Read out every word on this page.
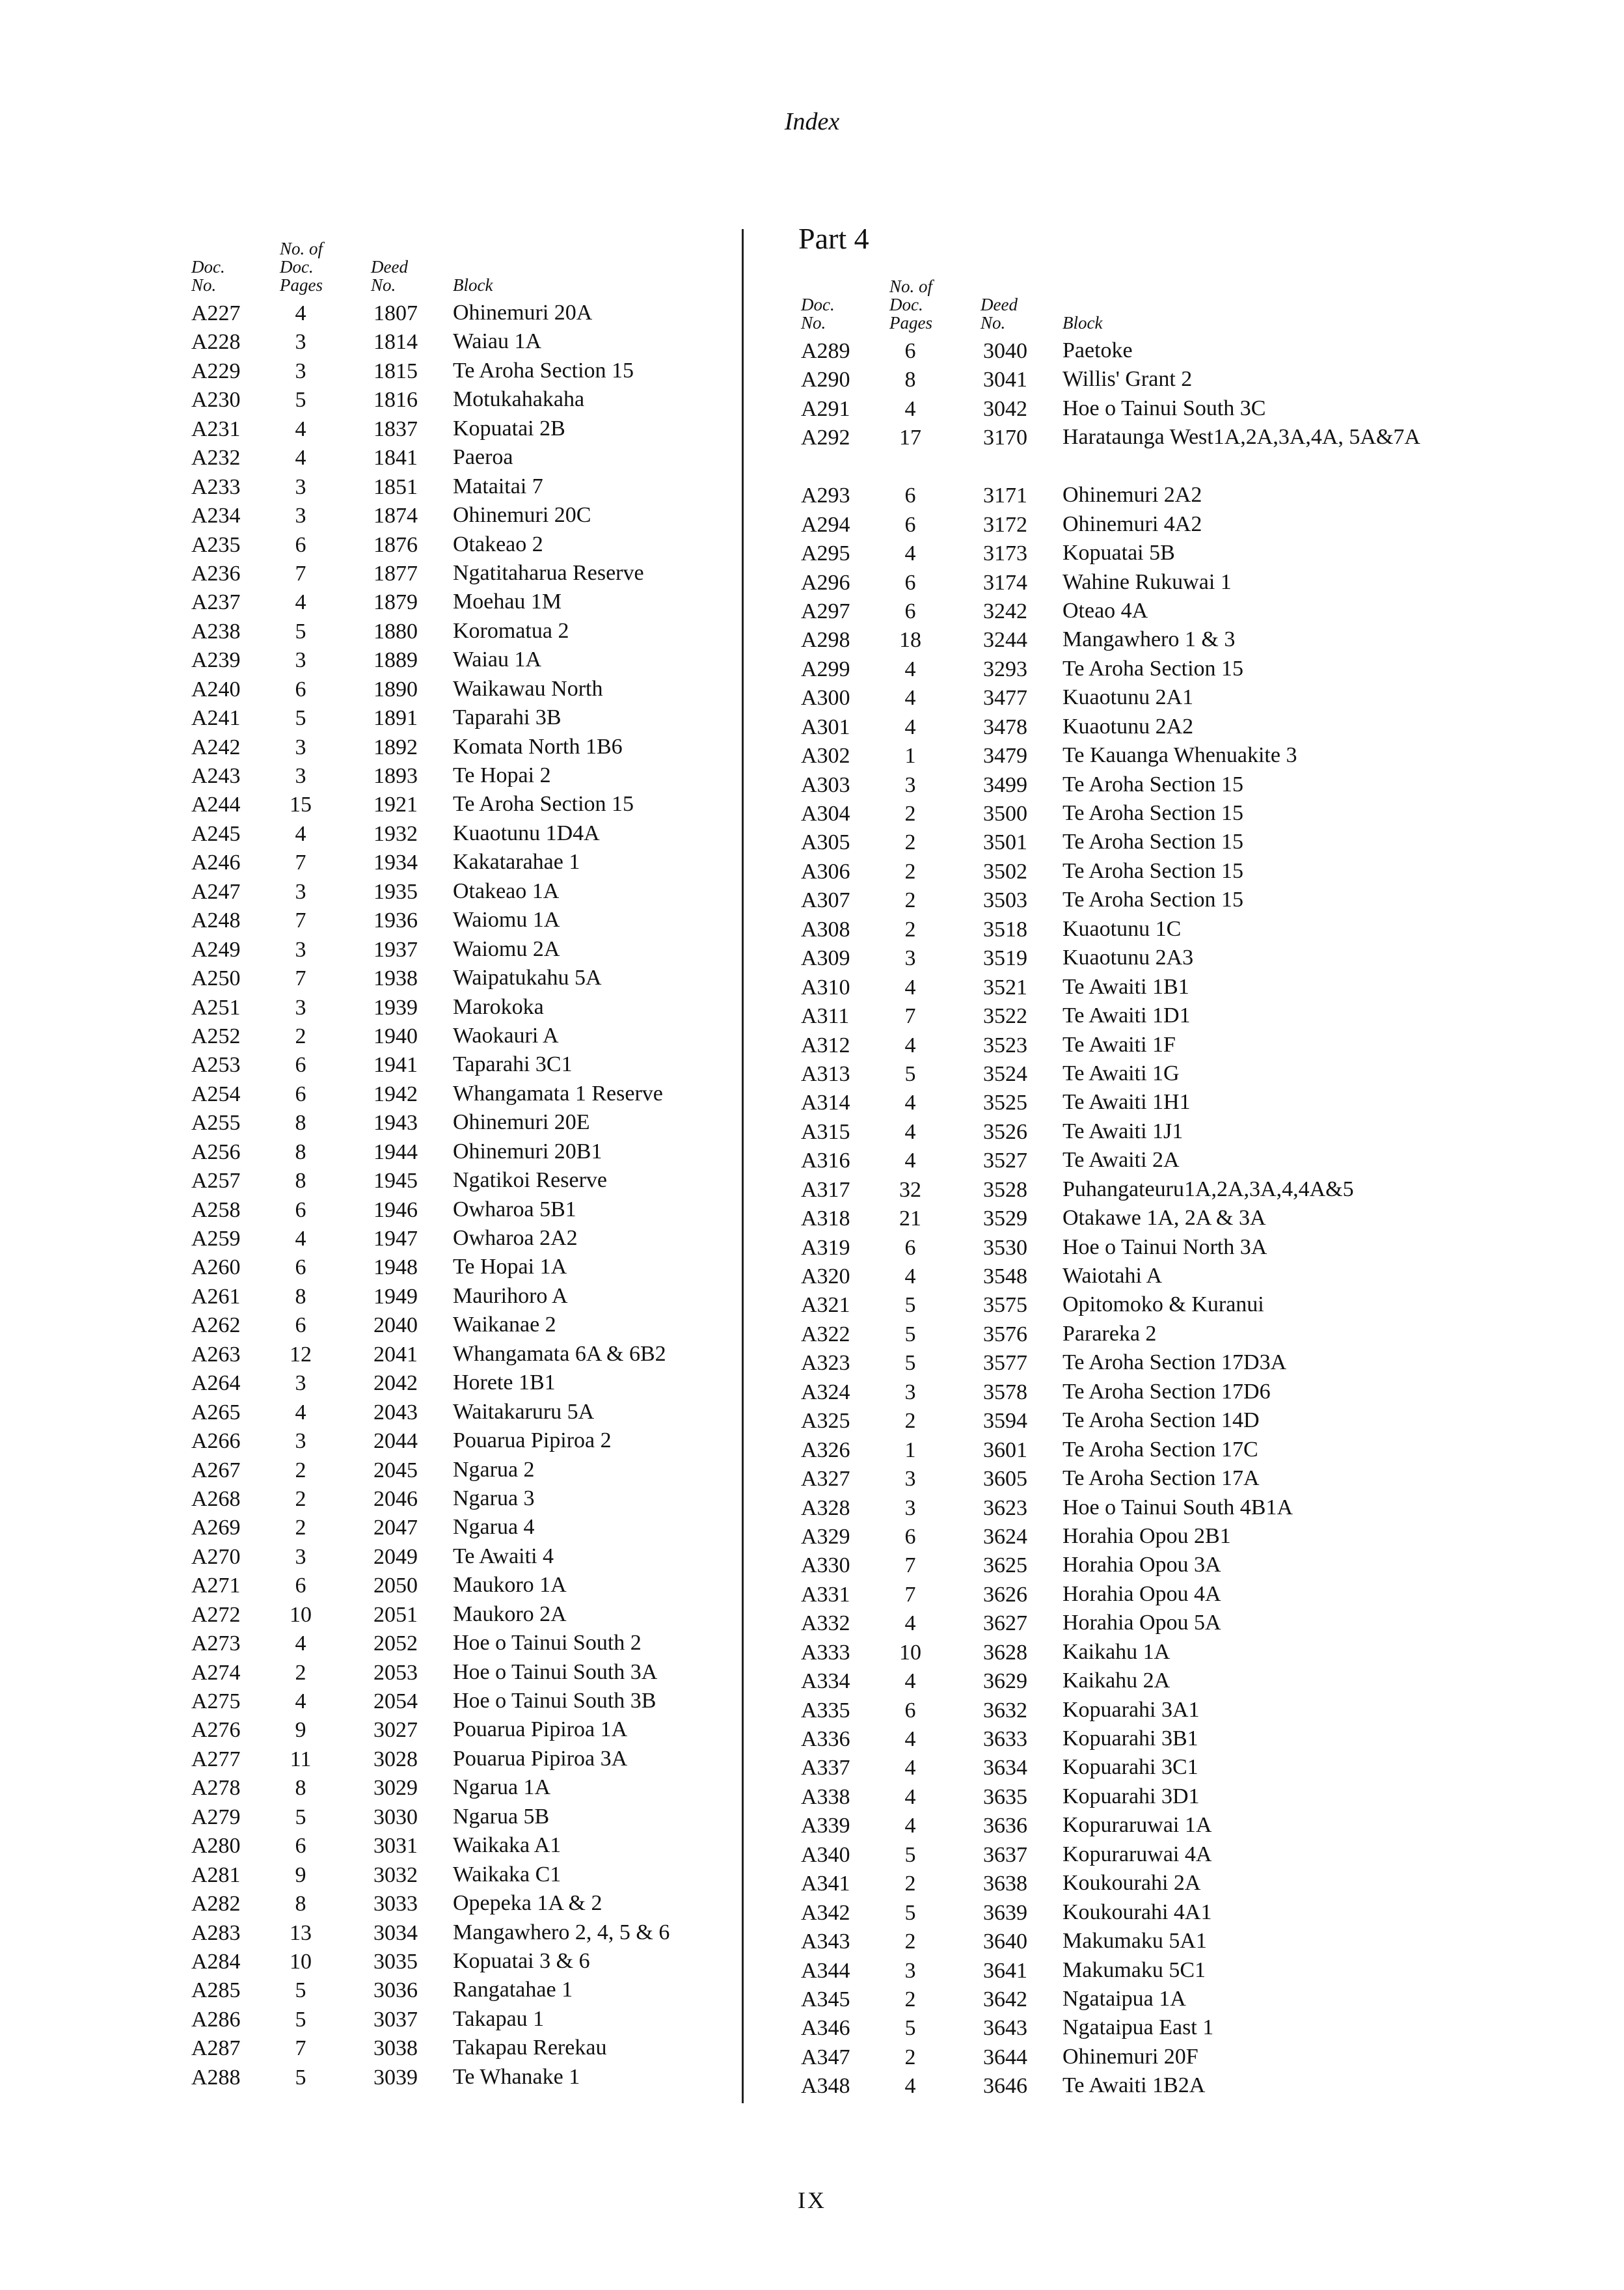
Index
Doc.
No.
No. of
Doc.
Pages
Deed
No.	Block
A227	4	1807	Ohinemuri 20A
A228	3	1814	Waiau 1A
A229	3	1815	Te Aroha Section 15
A230	5	1816	Motukahakaha
A231	4	1837	Kopuatai 2B
A232	4	1841	Paeroa
A233	3	1851	Mataitai 7
A234	3	1874	Ohinemuri 20C
A235	6	1876	Otakeao 2
A236	7	1877	Ngatitaharua Reserve
A237	4	1879	Moehau 1M
A238	5	1880	Koromatua 2
A239	3	1889	Waiau 1A
A240	6	1890	Waikawau North
A241	5	1891	Taparahi 3B
A242	3	1892	Komata North 1B6
A243	3	1893	Te Hopai 2
A244	15	1921	Te Aroha Section 15
A245	4	1932	Kuaotunu 1D4A
A246	7	1934	Kakatarahae 1
A247	3	1935	Otakeao 1A
A248	7	1936	Waiomu 1A
A249	3	1937	Waiomu 2A
A250	7	1938	Waipatukahu 5A
A251	3	1939	Marokoka
A252	2	1940	Waokauri A
A253	6	1941	Taparahi 3C1
A254	6	1942	Whangamata 1 Reserve
A255	8	1943	Ohinemuri 20E
A256	8	1944	Ohinemuri 20B1
A257	8	1945	Ngatikoi Reserve
A258	6	1946	Owharoa 5B1
A259	4	1947	Owharoa 2A2
A260	6	1948	Te Hopai 1A
A261	8	1949	Maurihoro A
A262	6	2040	Waikanae 2
A263	12	2041	Whangamata 6A & 6B2
A264	3	2042	Horete 1B1
A265	4	2043	Waitakaruru 5A
A266	3	2044	Pouarua Pipiroa 2
A267	2	2045	Ngarua 2
A268	2	2046	Ngarua 3
A269	2	2047	Ngarua 4
A270	3	2049	Te Awaiti 4
A271	6	2050	Maukoro 1A
A272	10	2051	Maukoro 2A
A273	4	2052	Hoe o Tainui South 2
A274	2	2053	Hoe o Tainui South 3A
A275	4	2054	Hoe o Tainui South 3B
A276	9	3027	Pouarua Pipiroa 1A
A277	11	3028	Pouarua Pipiroa 3A
A278	8	3029	Ngarua 1A
A279	5	3030	Ngarua 5B
A280	6	3031	Waikaka A1
A281	9	3032	Waikaka C1
A282	8	3033	Opepeka 1A & 2
A283	13	3034	Mangawhero 2, 4, 5 & 6
A284	10	3035	Kopuatai 3 & 6
A285	5	3036	Rangatahae 1
A286	5	3037	Takapau 1
A287	7	3038	Takapau Rerekau
A288	5	3039	Te Whanake 1
Part 4
Doc.
No.
No. of
Doc.
Pages
Deed
No.	Block
A289	6	3040	Paetoke
A290	8	3041	Willis' Grant 2
A291	4	3042	Hoe o Tainui South 3C
A292	17	3170	Harataunga West1A,2A,3A,4A, 5A&7A
A293	6	3171	Ohinemuri 2A2
A294	6	3172	Ohinemuri 4A2
A295	4	3173	Kopuatai 5B
A296	6	3174	Wahine Rukuwai 1
A297	6	3242	Oteao 4A
A298	18	3244	Mangawhero 1 & 3
A299	4	3293	Te Aroha Section 15
A300	4	3477	Kuaotunu 2A1
A301	4	3478	Kuaotunu 2A2
A302	1	3479	Te Kauanga Whenuakite 3
A303	3	3499	Te Aroha Section 15
A304	2	3500	Te Aroha Section 15
A305	2	3501	Te Aroha Section 15
A306	2	3502	Te Aroha Section 15
A307	2	3503	Te Aroha Section 15
A308	2	3518	Kuaotunu 1C
A309	3	3519	Kuaotunu 2A3
A310	4	3521	Te Awaiti 1B1
A311	7	3522	Te Awaiti 1D1
A312	4	3523	Te Awaiti 1F
A313	5	3524	Te Awaiti 1G
A314	4	3525	Te Awaiti 1H1
A315	4	3526	Te Awaiti 1J1
A316	4	3527	Te Awaiti 2A
A317	32	3528	Puhangateuru1A,2A,3A,4,4A&5
A318	21	3529	Otakawe 1A, 2A & 3A
A319	6	3530	Hoe o Tainui North 3A
A320	4	3548	Waiotahi A
A321	5	3575	Opitomoko & Kuranui
A322	5	3576	Parareka 2
A323	5	3577	Te Aroha Section 17D3A
A324	3	3578	Te Aroha Section 17D6
A325	2	3594	Te Aroha Section 14D
A326	1	3601	Te Aroha Section 17C
A327	3	3605	Te Aroha Section 17A
A328	3	3623	Hoe o Tainui South 4B1A
A329	6	3624	Horahia Opou 2B1
A330	7	3625	Horahia Opou 3A
A331	7	3626	Horahia Opou 4A
A332	4	3627	Horahia Opou 5A
A333	10	3628	Kaikahu 1A
A334	4	3629	Kaikahu 2A
A335	6	3632	Kopuarahi 3A1
A336	4	3633	Kopuarahi 3B1
A337	4	3634	Kopuarahi 3C1
A338	4	3635	Kopuarahi 3D1
A339	4	3636	Kopuraruwai 1A
A340	5	3637	Kopuraruwai 4A
A341	2	3638	Koukourahi 2A
A342	5	3639	Koukourahi 4A1
A343	2	3640	Makumaku 5A1
A344	3	3641	Makumaku 5C1
A345	2	3642	Ngataipua 1A
A346	5	3643	Ngataipua East 1
A347	2	3644	Ohinemuri 20F
A348	4	3646	Te Awaiti 1B2A
IX
